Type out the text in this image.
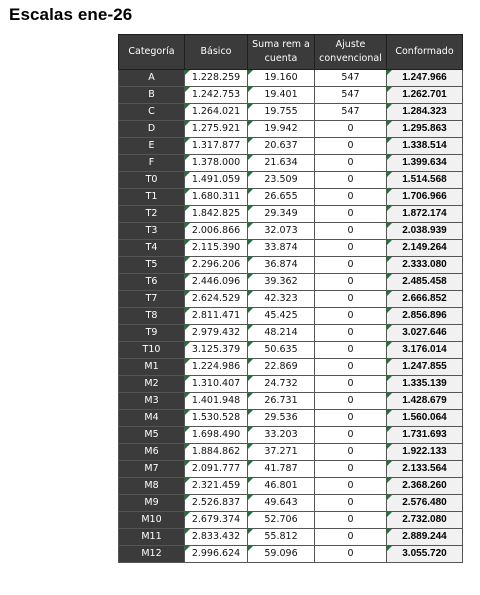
Escalas ene-26
Categoría	Básico	Suma rem a cuenta	Ajuste convencional	Conformado
A	1.228.259	19.160	547	1.247.966
B	1.242.753	19.401	547	1.262.701
C	1.264.021	19.755	547	1.284.323
D	1.275.921	19.942	0	1.295.863
E	1.317.877	20.637	0	1.338.514
F	1.378.000	21.634	0	1.399.634
T0	1.491.059	23.509	0	1.514.568
T1	1.680.311	26.655	0	1.706.966
T2	1.842.825	29.349	0	1.872.174
T3	2.006.866	32.073	0	2.038.939
T4	2.115.390	33.874	0	2.149.264
T5	2.296.206	36.874	0	2.333.080
T6	2.446.096	39.362	0	2.485.458
T7	2.624.529	42.323	0	2.666.852
T8	2.811.471	45.425	0	2.856.896
T9	2.979.432	48.214	0	3.027.646
T10	3.125.379	50.635	0	3.176.014
M1	1.224.986	22.869	0	1.247.855
M2	1.310.407	24.732	0	1.335.139
M3	1.401.948	26.731	0	1.428.679
M4	1.530.528	29.536	0	1.560.064
M5	1.698.490	33.203	0	1.731.693
M6	1.884.862	37.271	0	1.922.133
M7	2.091.777	41.787	0	2.133.564
M8	2.321.459	46.801	0	2.368.260
M9	2.526.837	49.643	0	2.576.480
M10	2.679.374	52.706	0	2.732.080
M11	2.833.432	55.812	0	2.889.244
M12	2.996.624	59.096	0	3.055.720
